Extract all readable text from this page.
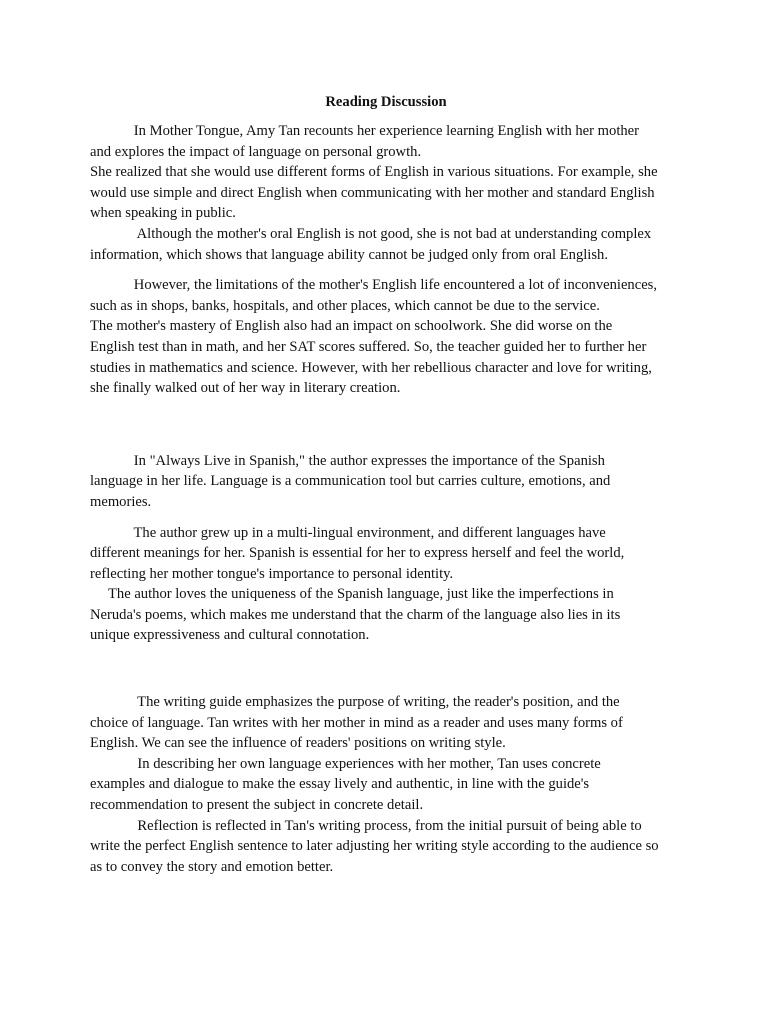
Reading Discussion
In Mother Tongue, Amy Tan recounts her experience learning English with her mother
and explores the impact of language on personal growth.
She realized that she would use different forms of English in various situations. For example, she
would use simple and direct English when communicating with her mother and standard English
when speaking in public.
Although the mother's oral English is not good, she is not bad at understanding complex
information, which shows that language ability cannot be judged only from oral English.
However, the limitations of the mother's English life encountered a lot of inconveniences,
such as in shops, banks, hospitals, and other places, which cannot be due to the service.
The mother's mastery of English also had an impact on schoolwork. She did worse on the
English test than in math, and her SAT scores suffered. So, the teacher guided her to further her
studies in mathematics and science. However, with her rebellious character and love for writing,
she finally walked out of her way in literary creation.
In "Always Live in Spanish," the author expresses the importance of the Spanish
language in her life. Language is a communication tool but carries culture, emotions, and
memories.
The author grew up in a multi-lingual environment, and different languages have
different meanings for her. Spanish is essential for her to express herself and feel the world,
reflecting her mother tongue's importance to personal identity.
The author loves the uniqueness of the Spanish language, just like the imperfections in
Neruda's poems, which makes me understand that the charm of the language also lies in its
unique expressiveness and cultural connotation.
The writing guide emphasizes the purpose of writing, the reader's position, and the
choice of language. Tan writes with her mother in mind as a reader and uses many forms of
English. We can see the influence of readers' positions on writing style.
In describing her own language experiences with her mother, Tan uses concrete
examples and dialogue to make the essay lively and authentic, in line with the guide's
recommendation to present the subject in concrete detail.
Reflection is reflected in Tan's writing process, from the initial pursuit of being able to
write the perfect English sentence to later adjusting her writing style according to the audience so
as to convey the story and emotion better.
